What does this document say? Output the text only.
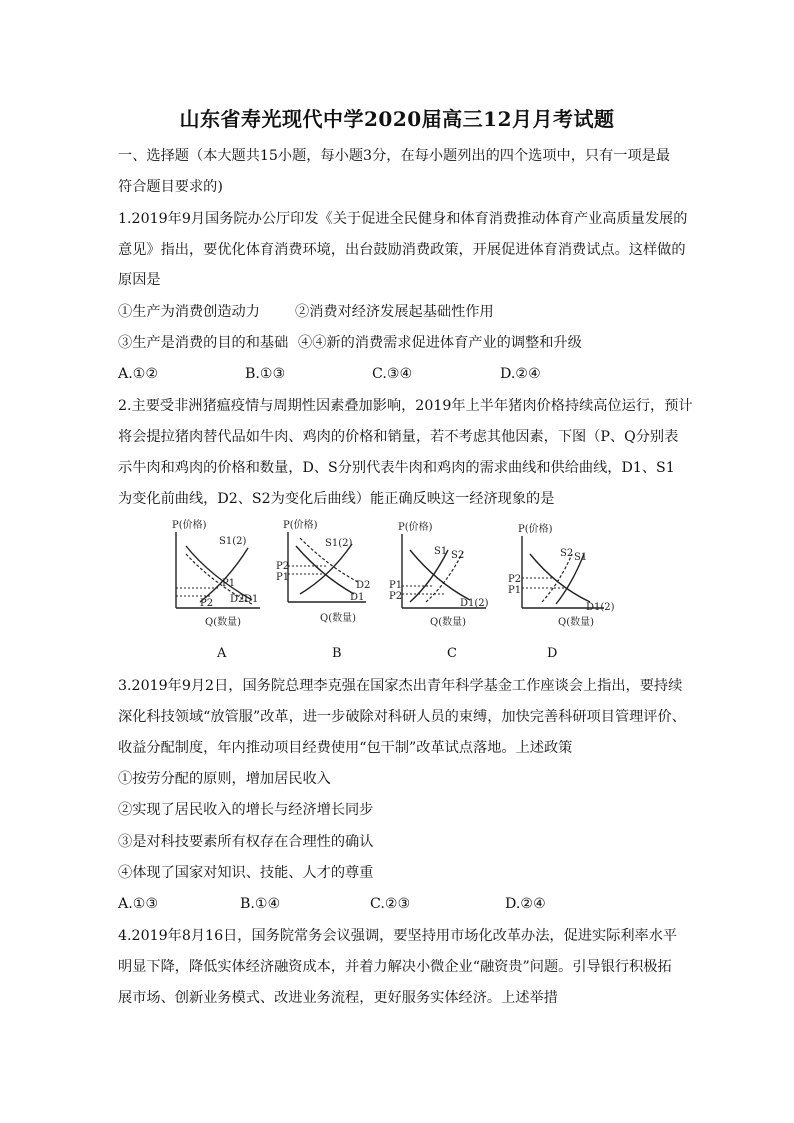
山东省寿光现代中学2020届高三12月月考试题
一、选择题（本大题共15小题，每小题3分，在每小题列出的四个选项中，只有一项是最
符合题目要求的)
1.2019年9月国务院办公厅印发《关于促进全民健身和体育消费推动体育产业高质量发展的
意见》指出，要优化体育消费环境，出台鼓励消费政策，开展促进体育消费试点。这样做的
原因是
①生产为消费创造动力 ②消费对经济发展起基础性作用
③生产是消费的目的和基础 ④④新的消费需求促进体育产业的调整和升级
A.①②	B.①③	C.③④	D.②④
2.主要受非洲猪瘟疫情与周期性因素叠加影响，2019年上半年猪肉价格持续高位运行，预计
将会提拉猪肉替代品如牛肉、鸡肉的价格和销量，若不考虑其他因素，下图（P、Q分别表
示牛肉和鸡肉的价格和数量，D、S分别代表牛肉和鸡肉的需求曲线和供给曲线，D1、S1
为变化前曲线，D2、S2为变化后曲线）能正确反映这一经济现象的是
P(价格)
Q(数量)
S1(2)
P1
P2 D2 D1
P(价格)
Q(数量)
S1(2)
P2
P1
D2
D1
P(价格)
Q(数量)
S1 S2
P1
P2
D1(2)
P(价格)
Q(数量)
S2 S1
P2
P1
D1(2)
A	B	C	D
3.2019年9月2日，国务院总理李克强在国家杰出青年科学基金工作座谈会上指出，要持续
深化科技领域“放管服”改革，进一步破除对科研人员的束缚，加快完善科研项目管理评价、
收益分配制度，年内推动项目经费使用“包干制”改革试点落地。上述政策
①按劳分配的原则，增加居民收入
②实现了居民收入的增长与经济增长同步
③是对科技要素所有权存在合理性的确认
④体现了国家对知识、技能、人才的尊重
A.①③	B.①④	C.②③	D.②④
4.2019年8月16日，国务院常务会议强调，要坚持用市场化改革办法，促进实际利率水平
明显下降，降低实体经济融资成本，并着力解决小微企业“融资贵”问题。引导银行积极拓
展市场、创新业务模式、改进业务流程，更好服务实体经济。上述举措
